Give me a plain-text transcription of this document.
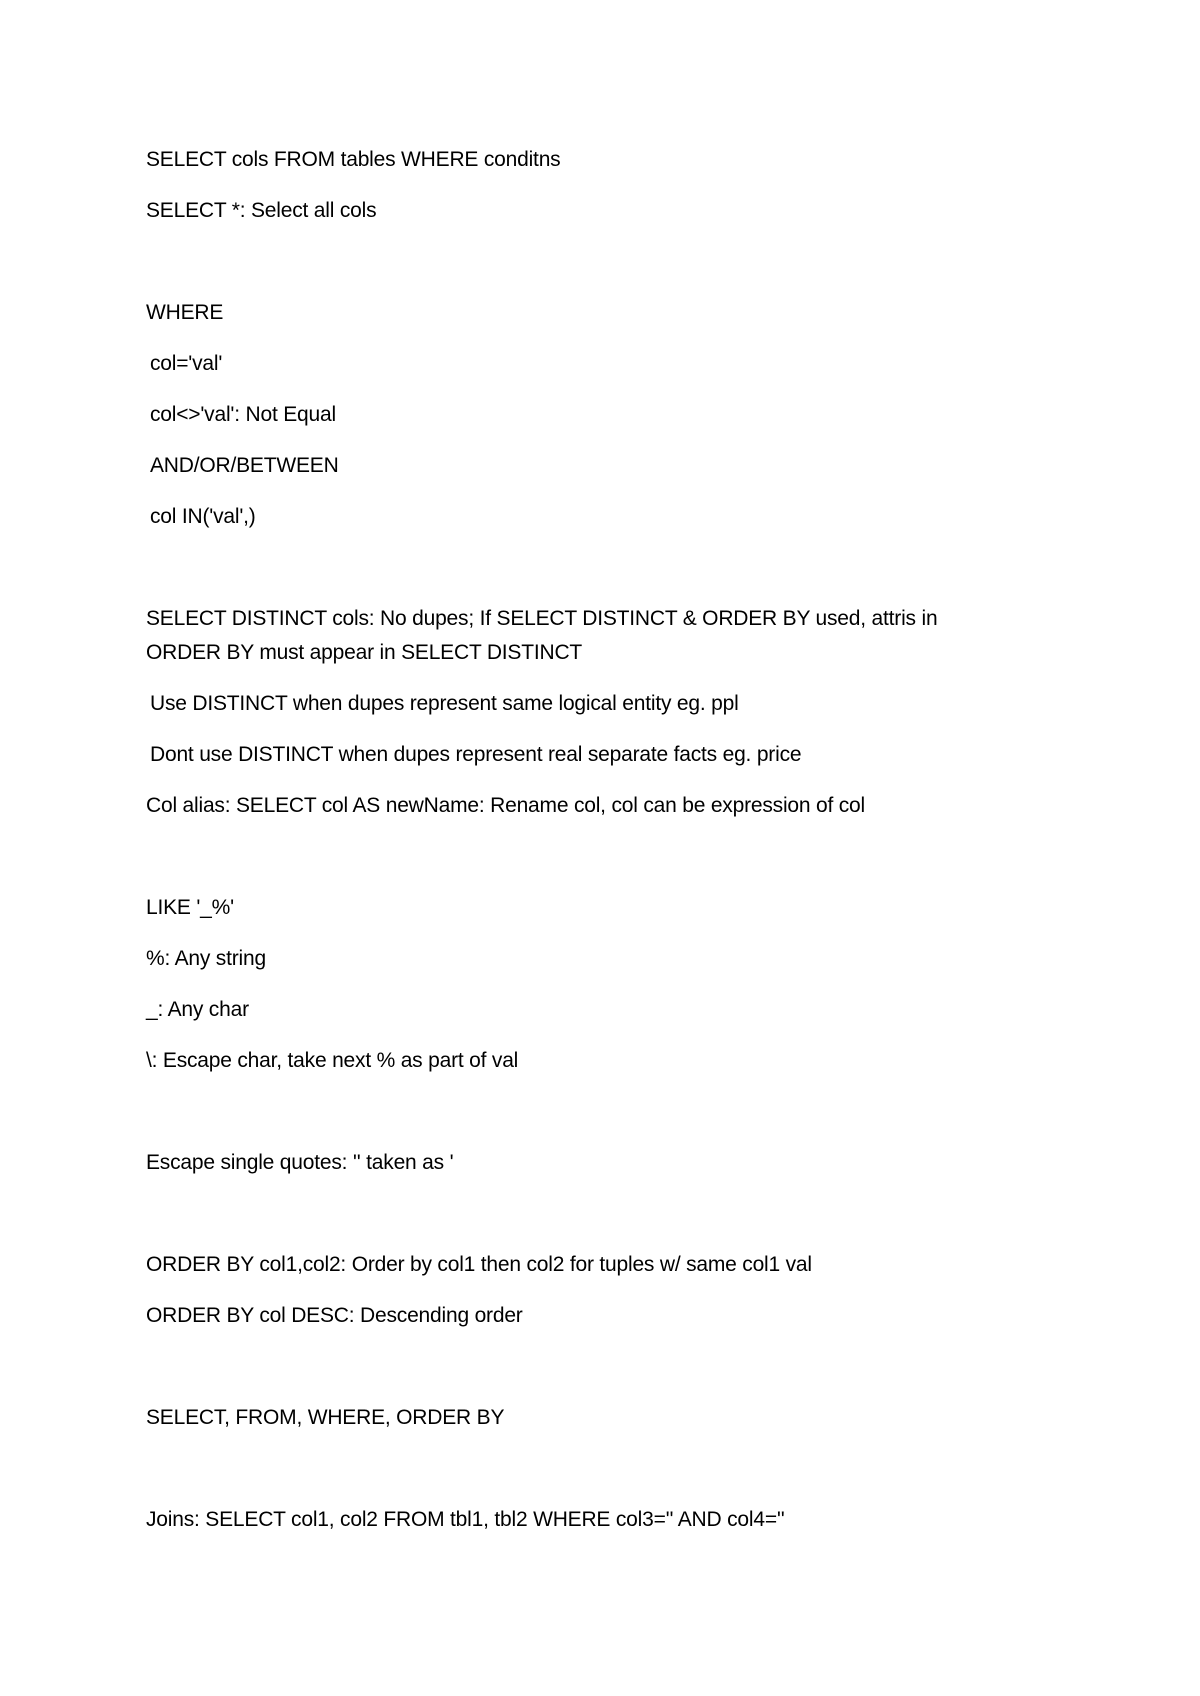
SELECT cols FROM tables WHERE conditns
SELECT *: Select all cols
WHERE
col='val'
col<>'val': Not Equal
AND/OR/BETWEEN
col IN('val',)
SELECT DISTINCT cols: No dupes; If SELECT DISTINCT & ORDER BY used, attris in
ORDER BY must appear in SELECT DISTINCT
Use DISTINCT when dupes represent same logical entity eg. ppl
Dont use DISTINCT when dupes represent real separate facts eg. price
Col alias: SELECT col AS newName: Rename col, col can be expression of col
LIKE '_%'
%: Any string
_: Any char
\: Escape char, take next % as part of val
Escape single quotes: '' taken as '
ORDER BY col1,col2: Order by col1 then col2 for tuples w/ same col1 val
ORDER BY col DESC: Descending order
SELECT, FROM, WHERE, ORDER BY
Joins: SELECT col1, col2 FROM tbl1, tbl2 WHERE col3='' AND col4=''
